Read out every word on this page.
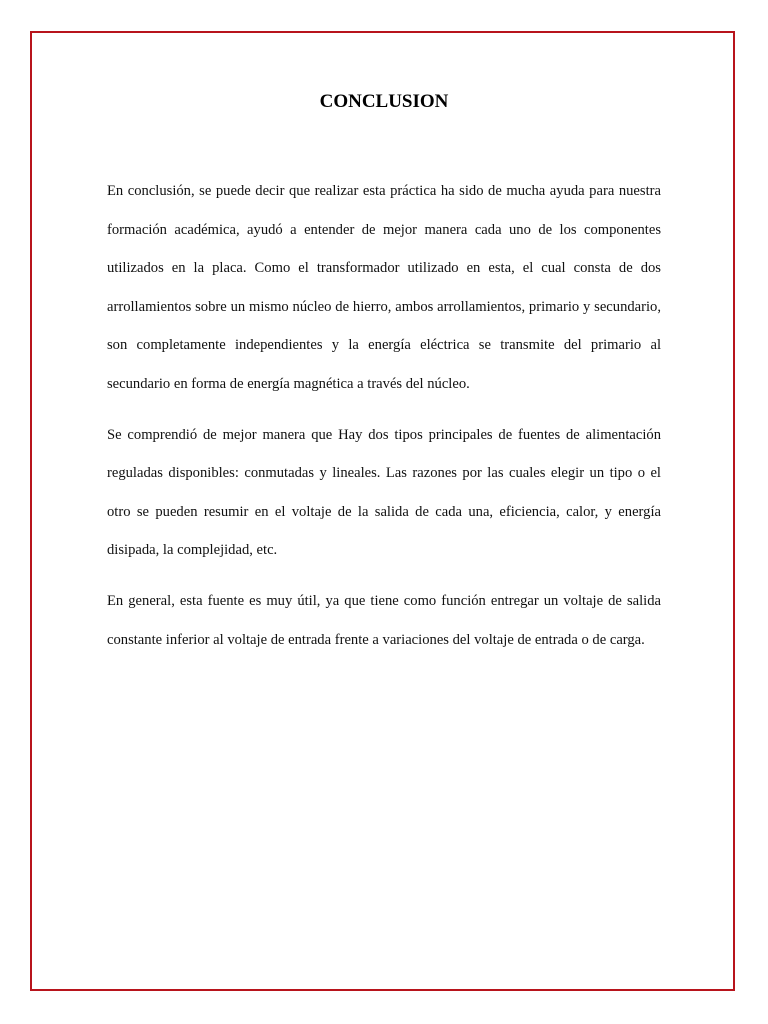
CONCLUSION

En conclusión, se puede decir que realizar esta práctica ha sido de mucha ayuda para nuestra formación académica, ayudó a entender de mejor manera cada uno de los componentes utilizados en la placa. Como el transformador utilizado en esta, el cual consta de dos arrollamientos sobre un mismo núcleo de hierro, ambos arrollamientos, primario y secundario, son completamente independientes y la energía eléctrica se transmite del primario al secundario en forma de energía magnética a través del núcleo.

Se comprendió de mejor manera que Hay dos tipos principales de fuentes de alimentación reguladas disponibles: conmutadas y lineales. Las razones por las cuales elegir un tipo o el otro se pueden resumir en el voltaje de la salida de cada una, eficiencia, calor, y energía disipada, la complejidad, etc.

En general, esta fuente es muy útil, ya que tiene como función entregar un voltaje de salida constante inferior al voltaje de entrada frente a variaciones del voltaje de entrada o de carga.
